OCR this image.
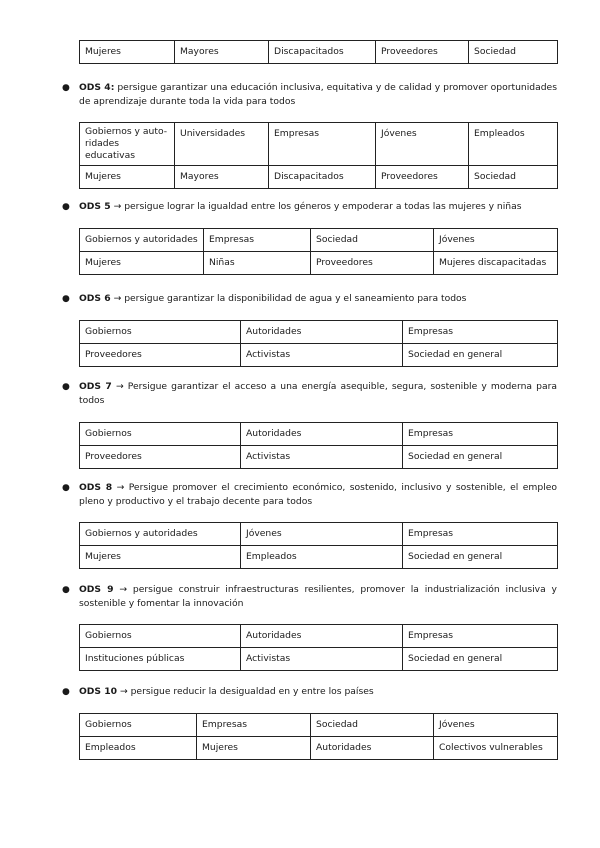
Mujeres	Mayores	Discapacitados	Proveedores	Sociedad
● ODS 4: persigue garantizar una educación inclusiva, equitativa y de calidad y promover oportunidades de aprendizaje durante toda la vida para todos
Gobiernos y auto-ridades educativas	Universidades	Empresas	Jóvenes	Empleados
Mujeres	Mayores	Discapacitados	Proveedores	Sociedad
● ODS 5 → persigue lograr la igualdad entre los géneros y empoderar a todas las mujeres y niñas
Gobiernos y autoridades	Empresas	Sociedad	Jóvenes
Mujeres	Niñas	Proveedores	Mujeres discapacitadas
● ODS 6 → persigue garantizar la disponibilidad de agua y el saneamiento para todos
Gobiernos	Autoridades	Empresas
Proveedores	Activistas	Sociedad en general
● ODS 7 → Persigue garantizar el acceso a una energía asequible, segura, sostenible y moderna para todos
Gobiernos	Autoridades	Empresas
Proveedores	Activistas	Sociedad en general
● ODS 8 → Persigue promover el crecimiento económico, sostenido, inclusivo y sostenible, el empleo pleno y productivo y el trabajo decente para todos
Gobiernos y autoridades	Jóvenes	Empresas
Mujeres	Empleados	Sociedad en general
● ODS 9 → persigue construir infraestructuras resilientes, promover la industrialización inclusiva y sostenible y fomentar la innovación
Gobiernos	Autoridades	Empresas
Instituciones públicas	Activistas	Sociedad en general
● ODS 10 → persigue reducir la desigualdad en y entre los países
Gobiernos	Empresas	Sociedad	Jóvenes
Empleados	Mujeres	Autoridades	Colectivos vulnerables
